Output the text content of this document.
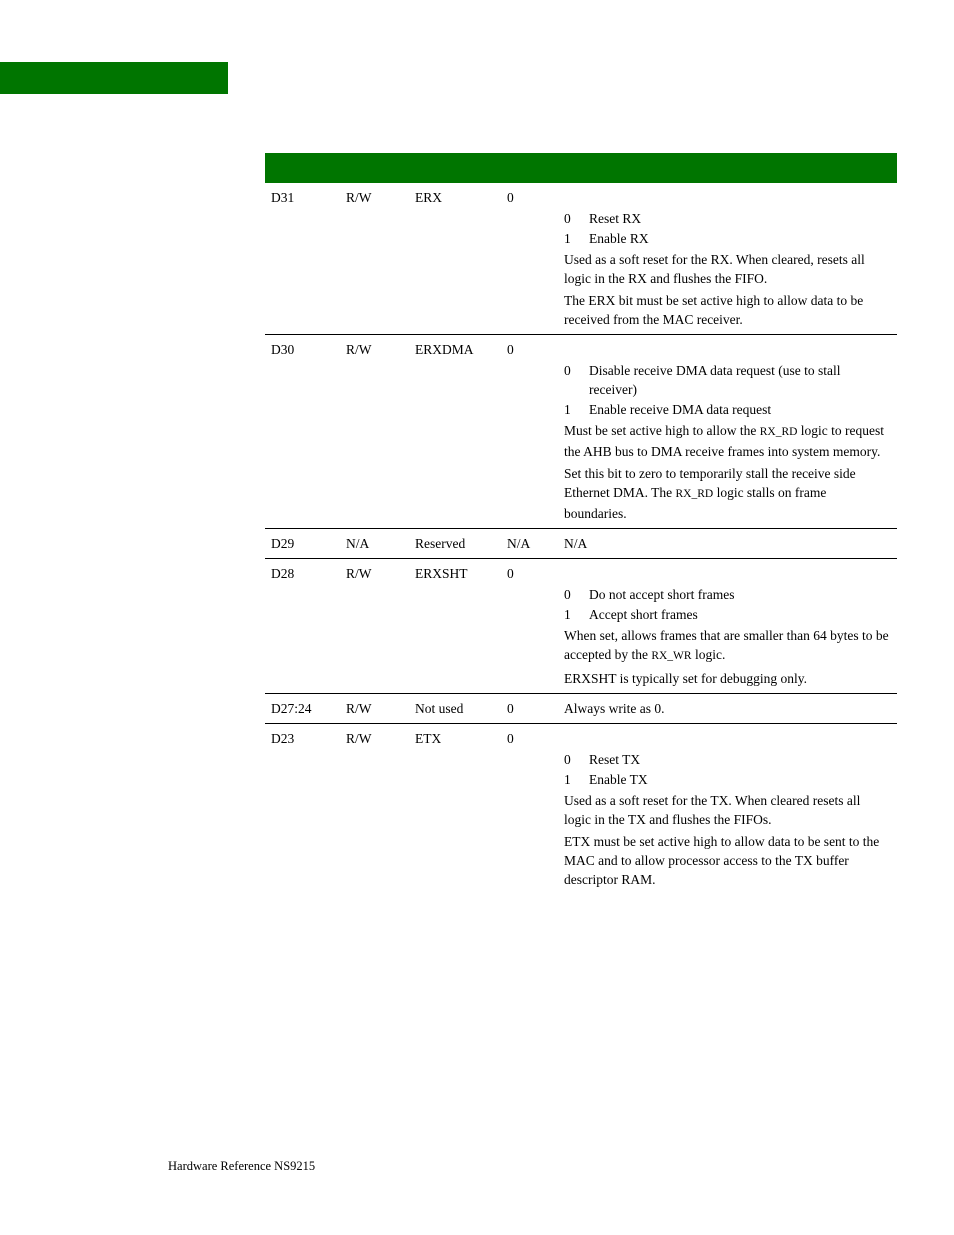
D31	R/W	ERX	0
0	Reset RX
1	Enable RX
Used as a soft reset for the RX. When cleared, resets all logic in the RX and flushes the FIFO.
The ERX bit must be set active high to allow data to be received from the MAC receiver.
D30	R/W	ERXDMA 0
0	Disable receive DMA data request (use to stall receiver)
1	Enable receive DMA data request
Must be set active high to allow the RX_RD logic to request the AHB bus to DMA receive frames into system memory.
Set this bit to zero to temporarily stall the receive side Ethernet DMA. The RX_RD logic stalls on frame boundaries.
D29	N/A	Reserved	N/A	N/A
D28	R/W	ERXSHT	0
0	Do not accept short frames
1	Accept short frames
When set, allows frames that are smaller than 64 bytes to be accepted by the RX_WR logic.
ERXSHT is typically set for debugging only.
D27:24	R/W	Not used	0	Always write as 0.
D23	R/W	ETX	0
0	Reset TX
1	Enable TX
Used as a soft reset for the TX. When cleared resets all logic in the TX and flushes the FIFOs.
ETX must be set active high to allow data to be sent to the MAC and to allow processor access to the TX buffer descriptor RAM.
Hardware Reference NS9215
